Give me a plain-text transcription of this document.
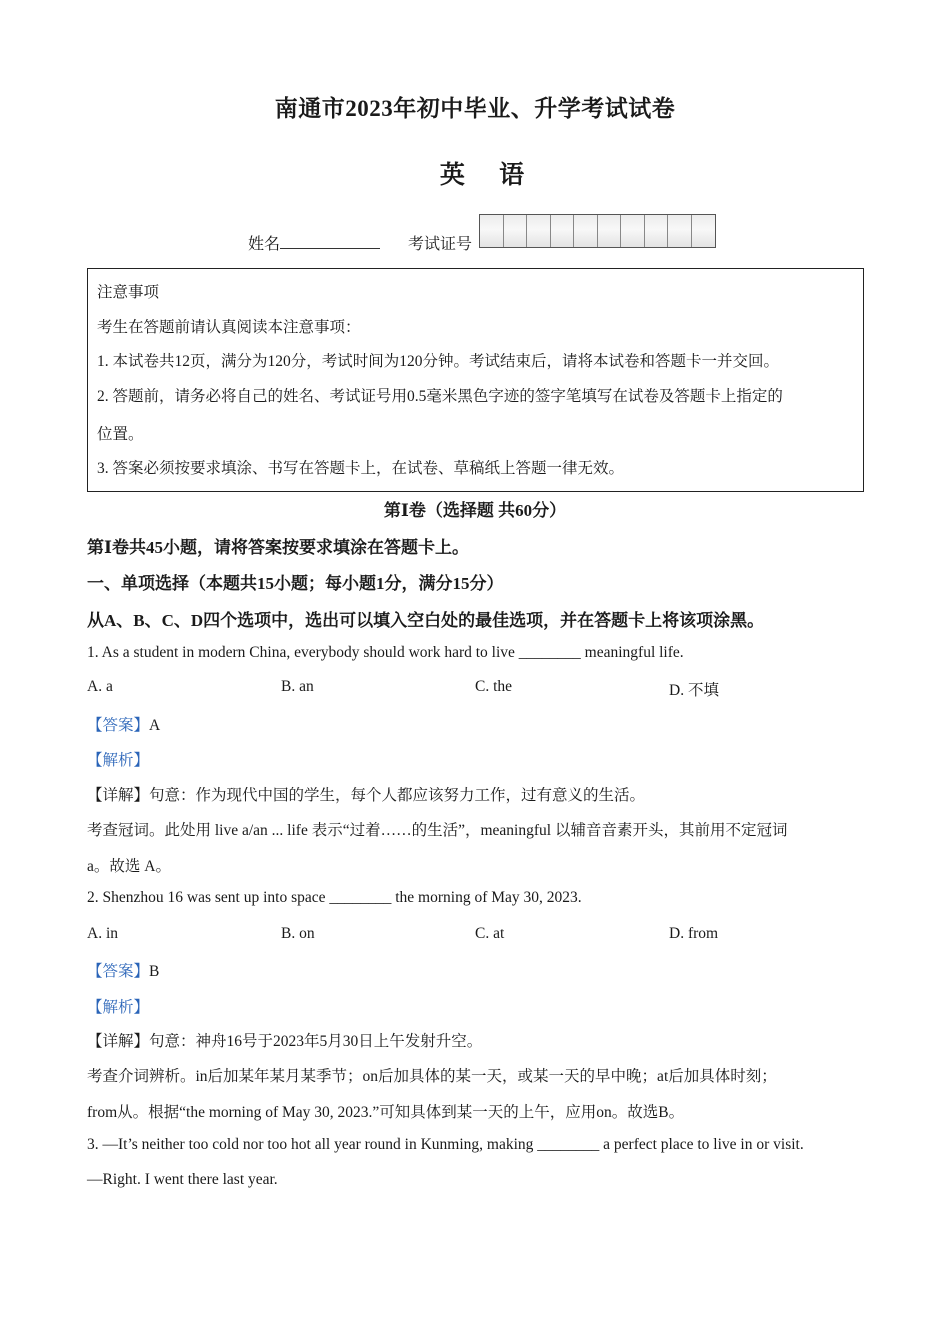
南通市2023年初中毕业、升学考试试卷
英 语
姓名	考试证号
注意事项
考生在答题前请认真阅读本注意事项：
1. 本试卷共12页，满分为120分，考试时间为120分钟。考试结束后，请将本试卷和答题卡一并交回。
2. 答题前，请务必将自己的姓名、考试证号用0.5毫米黑色字迹的签字笔填写在试卷及答题卡上指定的
位置。
3. 答案必须按要求填涂、书写在答题卡上，在试卷、草稿纸上答题一律无效。
第Ⅰ卷（选择题 共60分）
第Ⅰ卷共45小题，请将答案按要求填涂在答题卡上。
一、单项选择（本题共15小题；每小题1分，满分15分）
从A、B、C、D四个选项中，选出可以填入空白处的最佳选项，并在答题卡上将该项涂黑。
1. As a student in modern China, everybody should work hard to live ________ meaningful life.
A. a	B. an	C. the	D. 不填
【答案】A
【解析】
【详解】句意：作为现代中国的学生，每个人都应该努力工作，过有意义的生活。
考查冠词。此处用 live a/an ... life 表示“过着……的生活”，meaningful 以辅音音素开头，其前用不定冠词
a。故选 A。
2. Shenzhou 16 was sent up into space ________ the morning of May 30, 2023.
A. in	B. on	C. at	D. from
【答案】B
【解析】
【详解】句意：神舟16号于2023年5月30日上午发射升空。
考查介词辨析。in后加某年某月某季节；on后加具体的某一天，或某一天的早中晚；at后加具体时刻；
from从。根据“the morning of May 30, 2023.”可知具体到某一天的上午，应用on。故选B。
3. —It’s neither too cold nor too hot all year round in Kunming, making ________ a perfect place to live in or visit.
—Right. I went there last year.
